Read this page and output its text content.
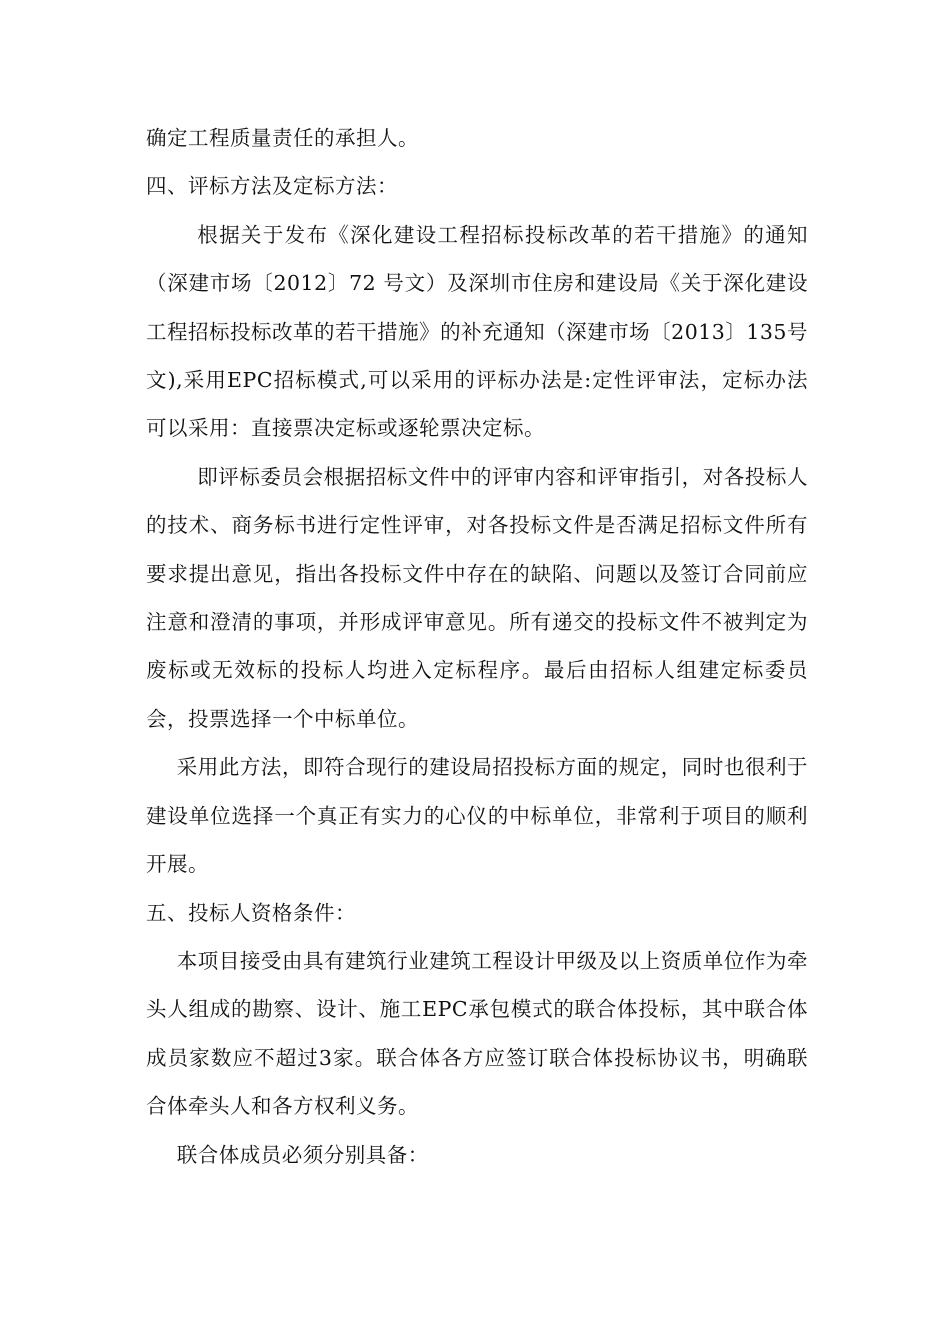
确定工程质量责任的承担人。

四、评标方法及定标方法：

根据关于发布《深化建设工程招标投标改革的若干措施》的通知（深建市场〔2012〕72 号文）及深圳市住房和建设局《关于深化建设工程招标投标改革的若干措施》的补充通知（深建市场〔2013〕135号文),采用EPC招标模式,可以采用的评标办法是:定性评审法，定标办法可以采用：直接票决定标或逐轮票决定标。

即评标委员会根据招标文件中的评审内容和评审指引，对各投标人的技术、商务标书进行定性评审，对各投标文件是否满足招标文件所有要求提出意见，指出各投标文件中存在的缺陷、问题以及签订合同前应注意和澄清的事项，并形成评审意见。所有递交的投标文件不被判定为废标或无效标的投标人均进入定标程序。最后由招标人组建定标委员会，投票选择一个中标单位。

采用此方法，即符合现行的建设局招投标方面的规定，同时也很利于建设单位选择一个真正有实力的心仪的中标单位，非常利于项目的顺利开展。

五、投标人资格条件：

本项目接受由具有建筑行业建筑工程设计甲级及以上资质单位作为牵头人组成的勘察、设计、施工EPC承包模式的联合体投标，其中联合体成员家数应不超过3家。联合体各方应签订联合体投标协议书，明确联合体牵头人和各方权利义务。

联合体成员必须分别具备：
